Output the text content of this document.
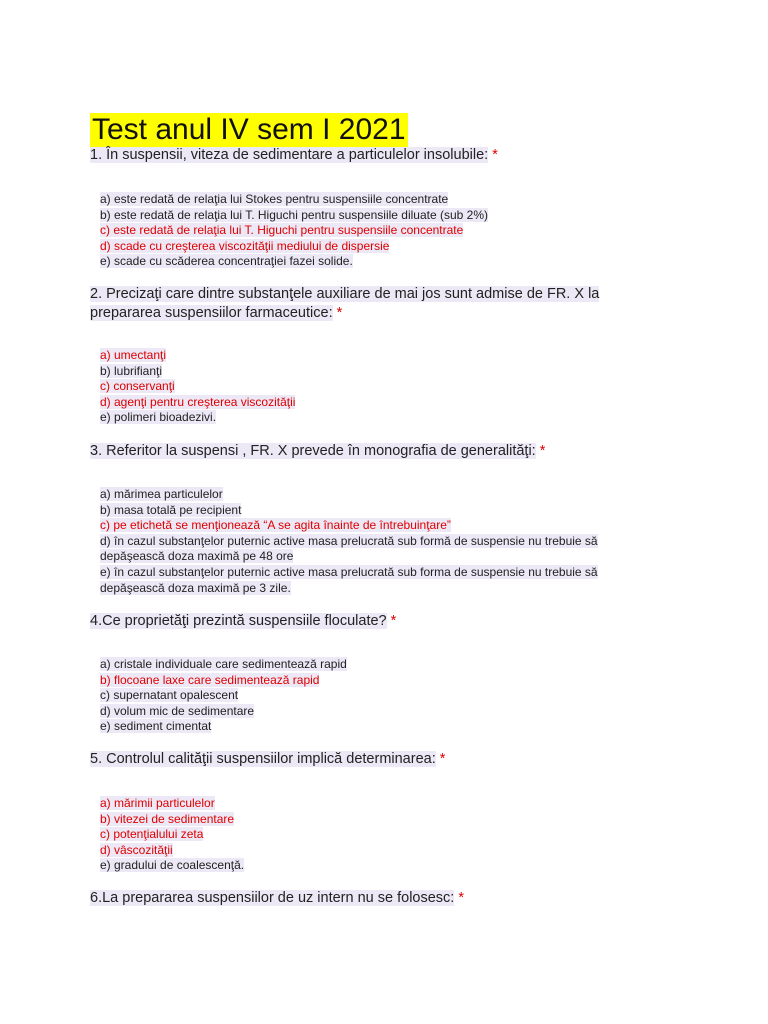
Test anul IV sem I 2021
1. În suspensii, viteza de sedimentare a particulelor insolubile: *
a) este redată de relaţia lui Stokes pentru suspensiile concentrate
b) este redată de relaţia lui T. Higuchi pentru suspensiile diluate (sub 2%)
c) este redată de relaţia lui T. Higuchi pentru suspensiile concentrate
d) scade cu creşterea viscozităţii mediului de dispersie
e) scade cu scăderea concentraţiei fazei solide.
2. Precizaţi care dintre substanţele auxiliare de mai jos sunt admise de FR. X la
prepararea suspensiilor farmaceutice: *
a) umectanţi
b) lubrifianţi
c) conservanţi
d) agenţi pentru creşterea viscozităţii
e) polimeri bioadezivi.
3. Referitor la suspensi , FR. X prevede în monografia de generalităţi: *
a) mărimea particulelor
b) masa totală pe recipient
c) pe etichetă se menţionează “A se agita înainte de întrebuinţare”
d) în cazul substanţelor puternic active masa prelucrată sub formă de suspensie nu trebuie să
depăşească doza maximă pe 48 ore
e) în cazul substanţelor puternic active masa prelucrată sub forma de suspensie nu trebuie să
depăşească doza maximă pe 3 zile.
4.Ce proprietăţi prezintă suspensiile floculate? *
a) cristale individuale care sedimentează rapid
b) flocoane laxe care sedimentează rapid
c) supernatant opalescent
d) volum mic de sedimentare
e) sediment cimentat
5. Controlul calităţii suspensiilor implică determinarea: *
a) mărimii particulelor
b) vitezei de sedimentare
c) potenţialului zeta
d) vâscozităţii
e) gradului de coalescenţă.
6.La prepararea suspensiilor de uz intern nu se folosesc: *
